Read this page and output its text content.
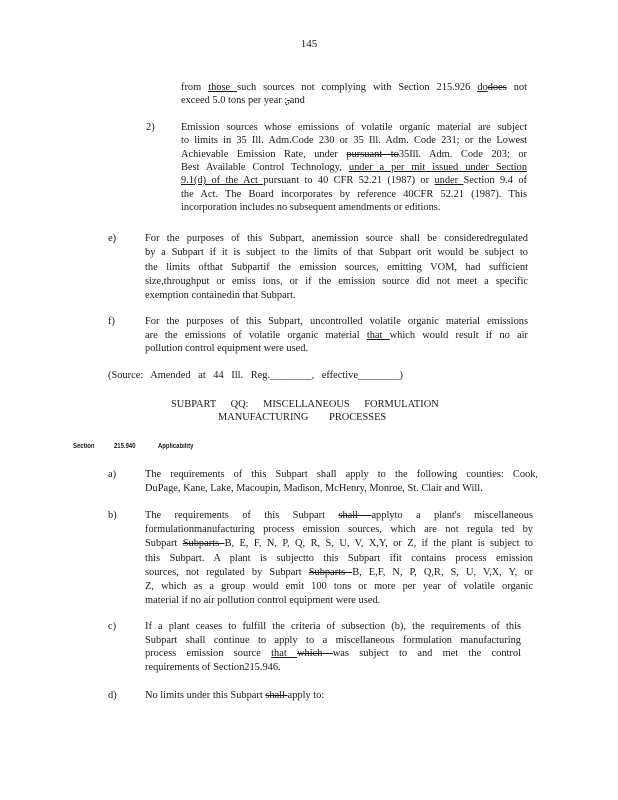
145
from those such sources not complying with Section 215.926 dodoes not
exceed 5.0 tons per year ;,and
2)	Emission sources whose emissions of volatile organic material are subject
to limits in 35 Ill. Adm.Code 230 or 35 Ill. Adm. Code 231; or the Lowest
Achievable Emission Rate, under pursuant to35Ill. Adm. Code 203; or
Best Available Control Technology, under a per mit issued under Section
9.1(d) of the Act pursuant to 40 CFR 52.21 (1987) or under Section 9.4 of
the Act. The Board incorporates by reference 40CFR 52.21 (1987). This
incorporation includes no subsequent amendments or editions.
e)	For the purposes of this Subpart, anemission source shall be consideredregulated
by a Subpart if it is subject to the limits of that Subpart orit would be subject to
the limits ofthat Subpartif the emission sources, emitting VOM, had sufficient
size,throughput or emiss ions, or if the emission source did not meet a specific
exemption containedin that Subpart.
f)	For the purposes of this Subpart, uncontrolled volatile organic material emissions
are the emissions of volatile organic material that which would result if no air
pollution control equipment were used.
(Source: Amended at 44 Ill. Reg.________, effective________)
SUBPART QQ: MISCELLANEOUS FORMULATION
MANUFACTURING PROCESSES
Section	215.940	Applicability
a)	The requirements of this Subpart shall apply to the following counties: Cook,
DuPage, Kane, Lake, Macoupin, Madison, McHenry, Monroe, St. Clair and Will.
b)	The requirements of this Subpart shall applyto a plant's miscellaneous
formulationmanufacturing process emission sources, which are not regula ted by
Subpart Subparts B, E, F, N, P, Q, R, S, U, V, X,Y, or Z, if the plant is subject to
this Subpart. A plant is subjectto this Subpart ifit contains process emission
sources, not regulated by Subpart Subparts B, E,F, N, P, Q,R, S, U, V,X, Y, or
Z, which as a group would emit 100 tons or more per year of volatile organic
material if no air pollution control equipment were used.
c)	If a plant ceases to fulfill the criteria of subsection (b), the requirements of this
Subpart shall continue to apply to a miscellaneous formulation manufacturing
process emission source that which was subject to and met the control
requirements of Section215.946.
d)	No limits under this Subpart shall apply to:
